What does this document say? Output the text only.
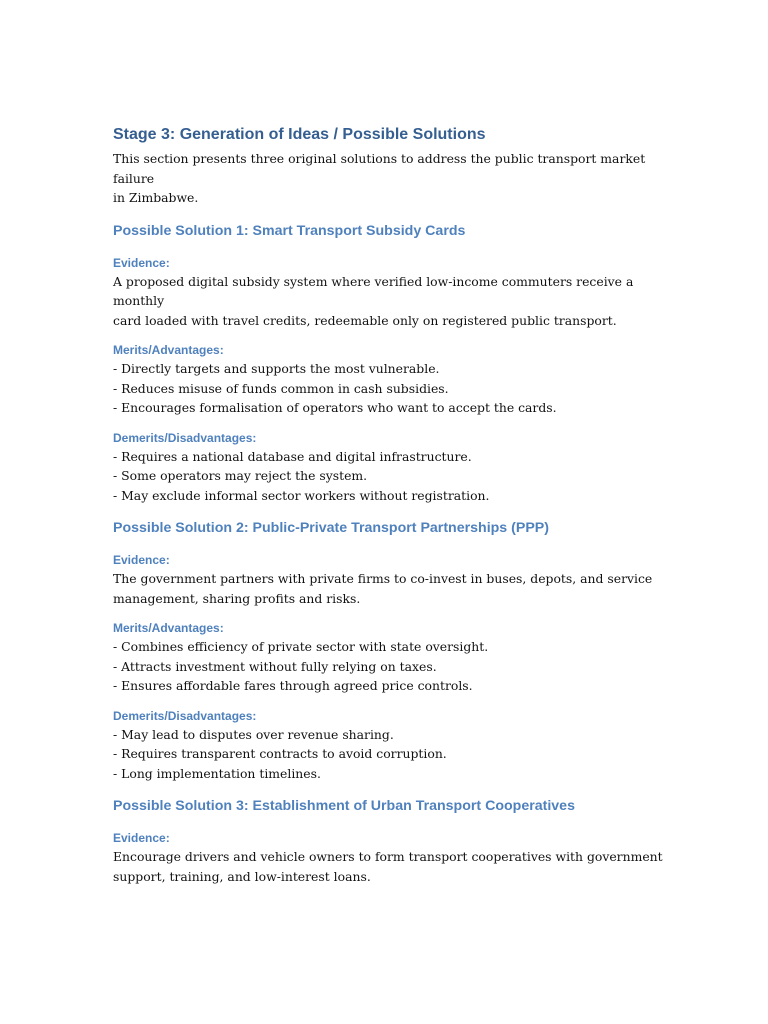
Stage 3: Generation of Ideas / Possible Solutions

This section presents three original solutions to address the public transport market failure
in Zimbabwe.

Possible Solution 1: Smart Transport Subsidy Cards
Evidence:

A proposed digital subsidy system where verified low-income commuters receive a monthly
card loaded with travel credits, redeemable only on registered public transport.

Merits/Advantages:

- Directly targets and supports the most vulnerable.
- Reduces misuse of funds common in cash subsidies.
- Encourages formalisation of operators who want to accept the cards.

Demerits/Disadvantages:

- Requires a national database and digital infrastructure.
- Some operators may reject the system.
- May exclude informal sector workers without registration.

Possible Solution 2: Public-Private Transport Partnerships (PPP)
Evidence:

The government partners with private firms to co-invest in buses, depots, and service
management, sharing profits and risks.

Merits/Advantages:

- Combines efficiency of private sector with state oversight.
- Attracts investment without fully relying on taxes.
- Ensures affordable fares through agreed price controls.

Demerits/Disadvantages:

- May lead to disputes over revenue sharing.
- Requires transparent contracts to avoid corruption.
- Long implementation timelines.

Possible Solution 3: Establishment of Urban Transport Cooperatives
Evidence:

Encourage drivers and vehicle owners to form transport cooperatives with government
support, training, and low-interest loans.
